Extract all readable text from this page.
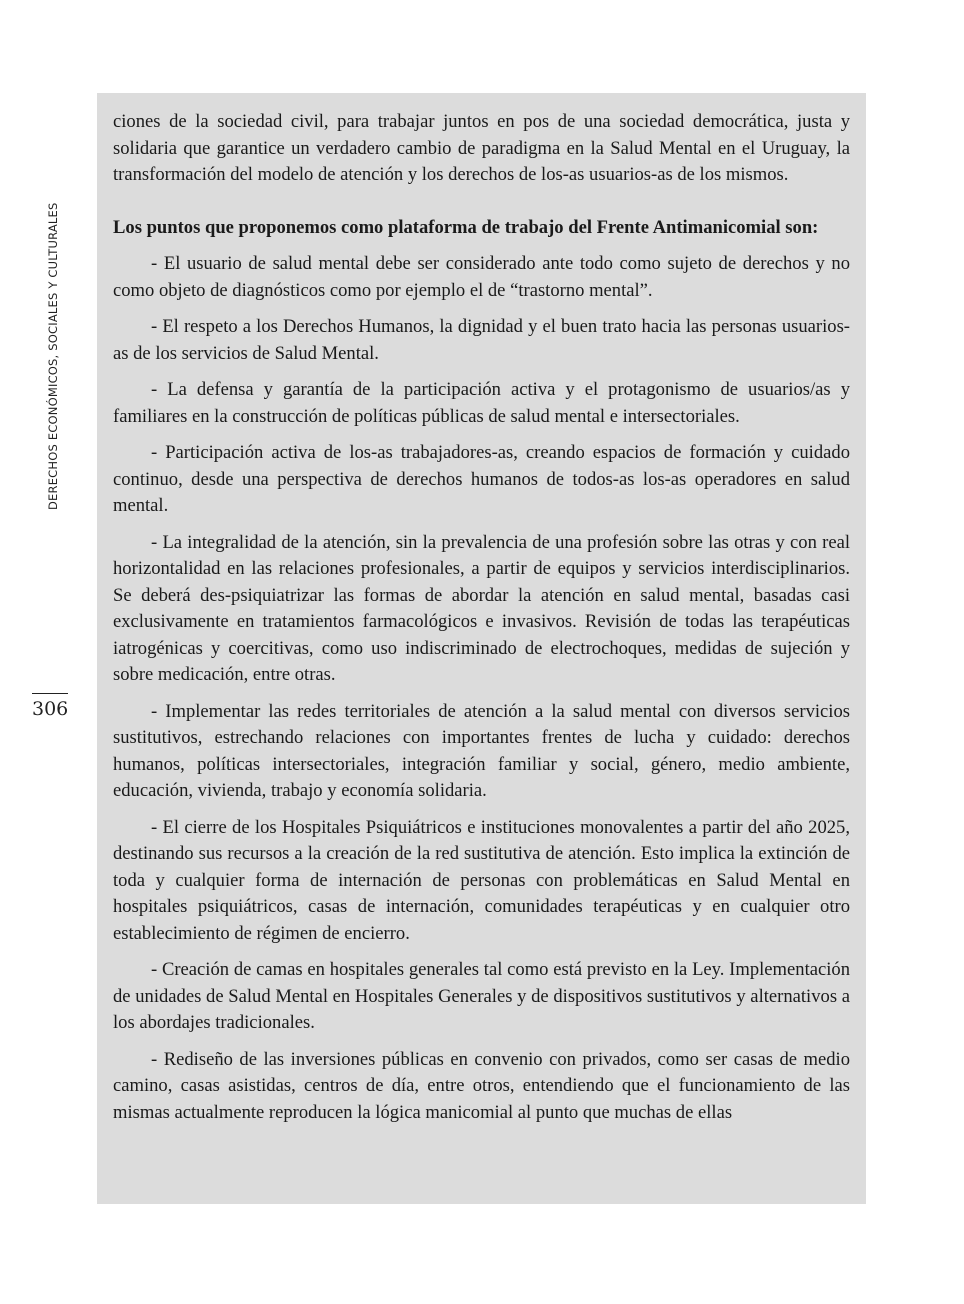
DERECHOS ECONÓMICOS, SOCIALES Y CULTURALES
306

ciones de la sociedad civil, para trabajar juntos en pos de una sociedad democrática, justa y solidaria que garantice un verdadero cambio de paradigma en la Salud Mental en el Uruguay, la transformación del modelo de atención y los derechos de los-as usuarios-as de los mismos.

Los puntos que proponemos como plataforma de trabajo del Frente Antimanicomial son:

- El usuario de salud mental debe ser considerado ante todo como sujeto de derechos y no como objeto de diagnósticos como por ejemplo el de “trastorno mental”.

- El respeto a los Derechos Humanos, la dignidad y el buen trato hacia las personas usuarios-as de los servicios de Salud Mental.

- La defensa y garantía de la participación activa y el protagonismo de usuarios/as y familiares en la construcción de políticas públicas de salud mental e intersectoriales.

- Participación activa de los-as trabajadores-as, creando espacios de formación y cuidado continuo, desde una perspectiva de derechos humanos de todos-as los-as operadores en salud mental.

- La integralidad de la atención, sin la prevalencia de una profesión sobre las otras y con real horizontalidad en las relaciones profesionales, a partir de equipos y servicios interdisciplinarios. Se deberá des-psiquiatrizar las formas de abordar la atención en salud mental, basadas casi exclusivamente en tratamientos farmacológicos e invasivos. Revisión de todas las terapéuticas iatrogénicas y coercitivas, como uso indiscriminado de electrochoques, medidas de sujeción y sobre medicación, entre otras.

- Implementar las redes territoriales de atención a la salud mental con diversos servicios sustitutivos, estrechando relaciones con importantes frentes de lucha y cuidado: derechos humanos, políticas intersectoriales, integración familiar y social, género, medio ambiente, educación, vivienda, trabajo y economía solidaria.

- El cierre de los Hospitales Psiquiátricos e instituciones monovalentes a partir del año 2025, destinando sus recursos a la creación de la red sustitutiva de atención. Esto implica la extinción de toda y cualquier forma de internación de personas con problemáticas en Salud Mental en hospitales psiquiátricos, casas de internación, comunidades terapéuticas y en cualquier otro establecimiento de régimen de encierro.

- Creación de camas en hospitales generales tal como está previsto en la Ley. Implementación de unidades de Salud Mental en Hospitales Generales y de dispositivos sustitutivos y alternativos a los abordajes tradicionales.

- Rediseño de las inversiones públicas en convenio con privados, como ser casas de medio camino, casas asistidas, centros de día, entre otros, entendiendo que el funcionamiento de las mismas actualmente reproducen la lógica manicomial al punto que muchas de ellas
